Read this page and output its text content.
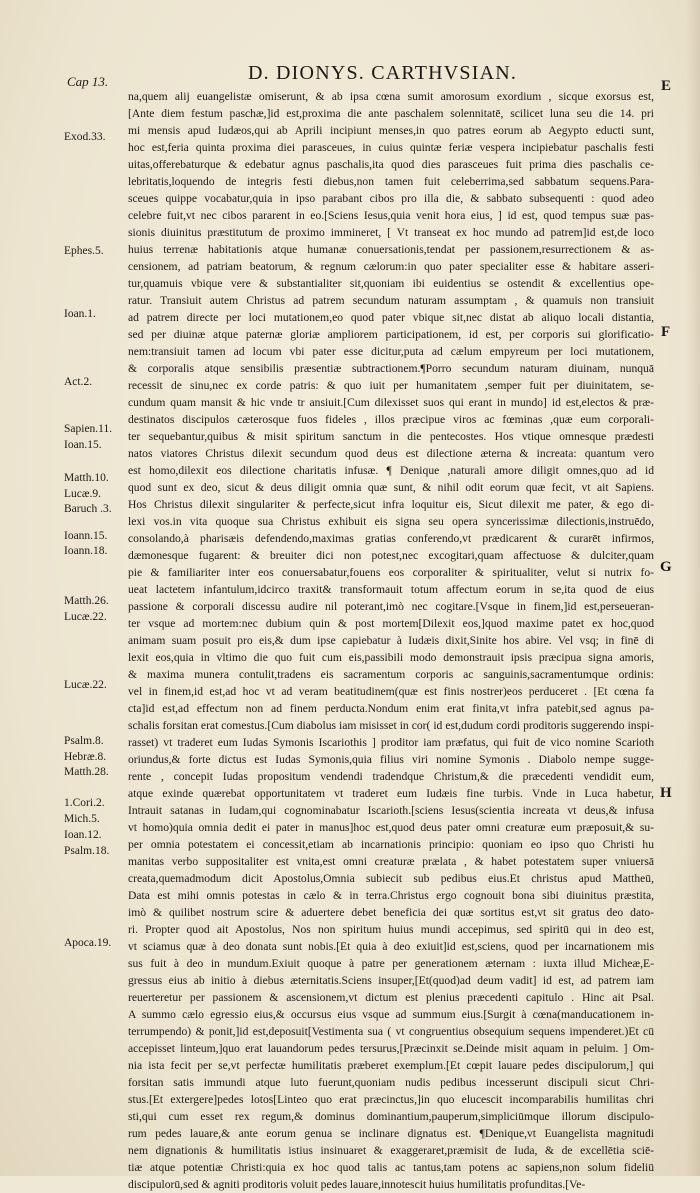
Cap 13.	D. DIONYS. CARTHVSIAN.
E
F
G
H
Exod.33.
Ephes.5.
Ioan.1.
Act.2.
Sapien.11.
Ioan.15.
Matth.10.
Lucæ.9.
Baruch .3.
Ioann.15.
Ioann.18.
Matth.26.
Lucæ.22.
Lucæ.22.
Psalm.8.
Hebræ.8.
Matth.28.
1.Cori.2.
Mich.5.
Ioan.12.
Psalm.18.
Apoca.19.
na,quem alij euangelistæ omiserunt, & ab ipsa cœna sumit amorosum exordium , sicque exorsus est,
[Ante diem festum paschæ,]id est,proxima die ante paschalem solennitatē, scilicet luna seu die 14. pri
mi mensis apud Iudæos,qui ab Aprili incipiunt menses,in quo patres eorum ab Aegypto educti sunt,
hoc est,feria quinta proxima diei parasceues, in cuius quintæ feriæ vespera incipiebatur paschalis festi
uitas,offerebaturque & edebatur agnus paschalis,ita quod dies parasceues fuit prima dies paschalis ce-
lebritatis,loquendo de integris festi diebus,non tamen fuit celeberrima,sed sabbatum sequens.Para-
sceues quippe vocabatur,quia in ipso parabant cibos pro illa die, & sabbato subsequenti : quod adeo
celebre fuit,vt nec cibos pararent in eo.[Sciens Iesus,quia venit hora eius, ] id est, quod tempus suæ pas-
sionis diuinitus præstitutum de proximo immineret, [ Vt transeat ex hoc mundo ad patrem]id est,de loco
huius terrenæ habitationis atque humanæ conuersationis,tendat per passionem,resurrectionem & as-
censionem, ad patriam beatorum, & regnum cælorum:in quo pater specialiter esse & habitare asseri-
tur,quamuis vbique vere & substantialiter sit,quoniam ibi euidentius se ostendit & excellentius ope-
ratur. Transiuit autem Christus ad patrem secundum naturam assumptam , & quamuis non transiuit
ad patrem directe per loci mutationem,eo quod pater vbique sit,nec distat ab aliquo locali distantia,
sed per diuinæ atque paternæ gloriæ ampliorem participationem, id est, per corporis sui glorificatio-
nem:transiuit tamen ad locum vbi pater esse dicitur,puta ad cælum empyreum per loci mutationem,
& corporalis atque sensibilis præsentiæ subtractionem.¶Porro secundum naturam diuinam, nunquā
recessit de sinu,nec ex corde patris: & quo iuit per humanitatem ,semper fuit per diuinitatem, se-
cundum quam mansit & hic vnde tr ansiuit.[Cum dilexisset suos qui erant in mundo] id est,electos & præ-
destinatos discipulos cæterosque fuos fideles , illos præcipue viros ac fœminas ,quæ eum corporali-
ter sequebantur,quibus & misit spiritum sanctum in die pentecostes. Hos vtique omnesque prædesti
natos viatores Christus dilexit secundum quod deus est dilectione æterna & increata: quantum vero
est homo,dilexit eos dilectione charitatis infusæ. ¶ Denique ,naturali amore diligit omnes,quo ad id
quod sunt ex deo, sicut & deus diligit omnia quæ sunt, & nihil odit eorum quæ fecit, vt ait Sapiens.
Hos Christus dilexit singulariter & perfecte,sicut infra loquitur eis, Sicut dilexit me pater, & ego di-
lexi vos.in vita quoque sua Christus exhibuit eis signa seu opera syncerissimæ dilectionis,instruēdo,
consolando,à pharisæis defendendo,maximas gratias conferendo,vt prædicarent & curarēt infirmos,
dæmonesque fugarent: & breuiter dici non potest,nec excogitari,quam affectuose & dulciter,quam
pie & familiariter inter eos conuersabatur,fouens eos corporaliter & spiritualiter, velut si nutrix fo-
ueat lactetem infantulum,idcirco traxit& transformauit totum affectum eorum in se,ita quod de eius
passione & corporali discessu audire nil poterant,imò nec cogitare.[Vsque in finem,]id est,perseueran-
ter vsque ad mortem:nec dubium quin & post mortem[Dilexit eos,]quod maxime patet ex hoc,quod
animam suam posuit pro eis,& dum ipse capiebatur à Iudæis dixit,Sinite hos abire. Vel vsq; in finē di
lexit eos,quia in vltimo die quo fuit cum eis,passibili modo demonstrauit ipsis præcipua signa amoris,
& maxima munera contulit,tradens eis sacramentum corporis ac sanguinis,sacramentumque ordinis:
vel in finem,id est,ad hoc vt ad veram beatitudinem(quæ est finis nostrer)eos perduceret . [Et cœna fa
cta]id est,ad effectum non ad finem perducta.Nondum enim erat finita,vt infra patebit,sed agnus pa-
schalis forsitan erat comestus.[Cum diabolus iam misisset in cor( id est,dudum cordi proditoris suggerendo inspi-
rasset) vt traderet eum Iudas Symonis Iscariothis ] proditor iam præfatus, qui fuit de vico nomine Scarioth
oriundus,& forte dictus est Iudas Symonis,quia filius viri nomine Symonis . Diabolo nempe sugge-
rente , concepit Iudas propositum vendendi tradendque Christum,& die præcedenti vendidit eum,
atque exinde quærebat opportunitatem vt traderet eum Iudæis fine turbis. Vnde in Luca habetur,
Intrauit satanas in Iudam,qui cognominabatur Iscarioth.[sciens Iesus(scientia increata vt deus,& infusa
vt homo)quia omnia dedit ei pater in manus]hoc est,quod deus pater omni creaturæ eum præposuit,& su-
per omnia potestatem ei concessit,etiam ab incarnationis principio: quoniam eo ipso quo Christi hu
manitas verbo suppositaliter est vnita,est omni creaturæ prælata , & habet potestatem super vniuersā
creata,quemadmodum dicit Apostolus,Omnia subiecit sub pedibus eius.Et christus apud Mattheū,
Data est mihi omnis potestas in cælo & in terra.Christus ergo cognouit bona sibi diuinitus præstita,
imò & quilibet nostrum scire & aduertere debet beneficia dei quæ sortitus est,vt sit gratus deo dato-
ri. Propter quod ait Apostolus, Nos non spiritum huius mundi accepimus, sed spiritū qui in deo est,
vt sciamus quæ à deo donata sunt nobis.[Et quia à deo exiuit]id est,sciens, quod per incarnationem mis
sus fuit à deo in mundum.Exiuit quoque à patre per generationem æternam : iuxta illud Micheæ,E-
gressus eius ab initio à diebus æternitatis.Sciens insuper,[Et(quod)ad deum vadit] id est, ad patrem iam
reuerteretur per passionem & ascensionem,vt dictum est plenius præcedenti capitulo . Hinc ait Psal.
A summo cælo egressio eius,& occursus eius vsque ad summum eius.[Surgit à cœna(manducationem in-
terrumpendo) & ponit,]id est,deposuit[Vestimenta sua ( vt congruentius obsequium sequens impenderet.)Et cū
accepisset linteum,]quo erat lauandorum pedes tersurus,[Præcinxit se.Deinde misit aquam in peluim. ] Om-
nia ista fecit per se,vt perfectæ humilitatis præberet exemplum.[Et cœpit lauare pedes discipulorum,] qui
forsitan satis immundi atque luto fuerunt,quoniam nudis pedibus incesserunt discipuli sicut Chri-
stus.[Et extergere]pedes lotos[Linteo quo erat præcinctus,]in quo elucescit incomparabilis humilitas chri
sti,qui cum esset rex regum,& dominus dominantium,pauperum,simpliciūmque illorum discipulo-
rum pedes lauare,& ante eorum genua se inclinare dignatus est. ¶Denique,vt Euangelista magnitudi
nem dignationis & humilitatis istius insinuaret & exaggeraret,præmisit de Iuda, & de excellētia sciē-
tiæ atque potentiæ Christi:quia ex hoc quod talis ac tantus,tam potens ac sapiens,non solum fideliū
discipulorū,sed & agniti proditoris voluit pedes lauare,innotescit huius humilitatis profunditas.[Ve-
